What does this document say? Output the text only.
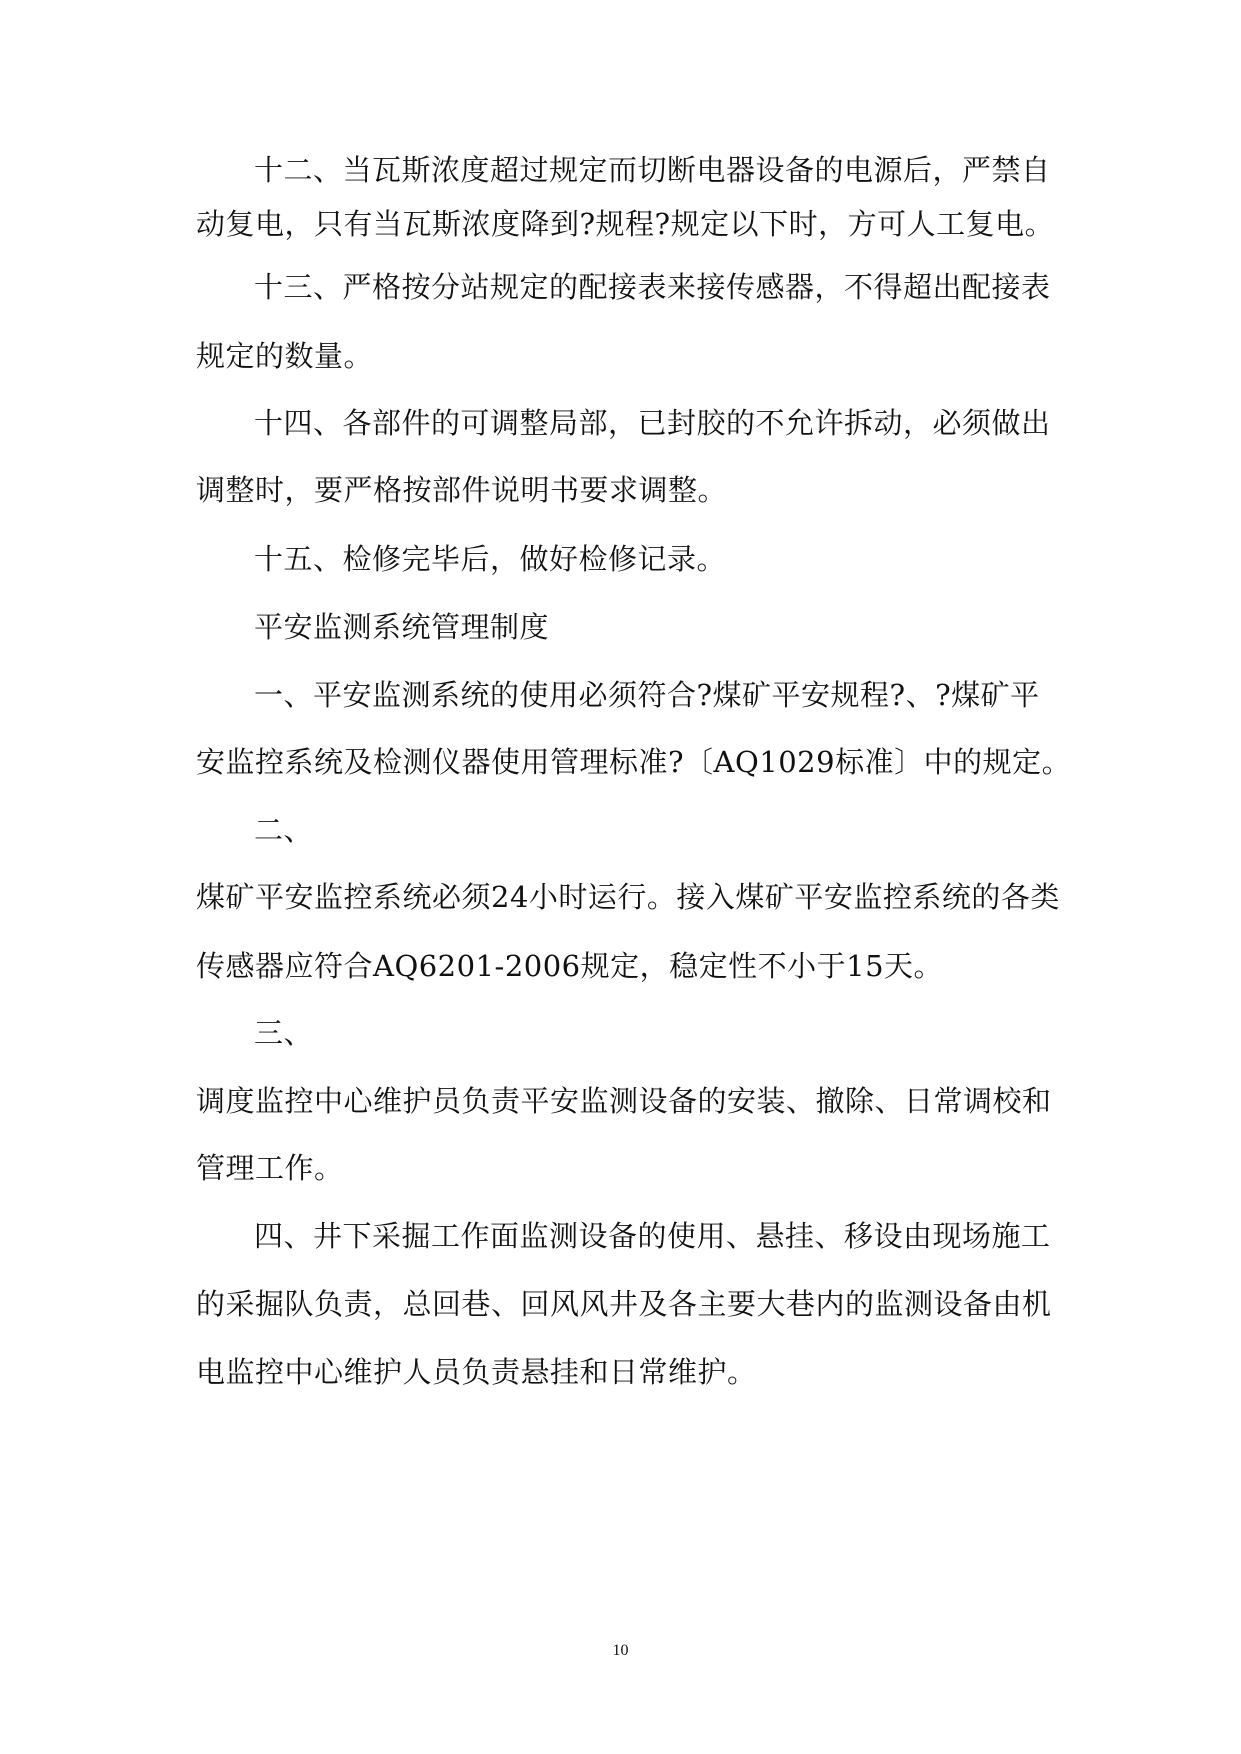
十二、当瓦斯浓度超过规定而切断电器设备的电源后，严禁自
动复电，只有当瓦斯浓度降到?规程?规定以下时，方可人工复电。
十三、严格按分站规定的配接表来接传感器，不得超出配接表
规定的数量。
十四、各部件的可调整局部，已封胶的不允许拆动，必须做出
调整时，要严格按部件说明书要求调整。
十五、检修完毕后，做好检修记录。
平安监测系统管理制度
一、平安监测系统的使用必须符合?煤矿平安规程?、?煤矿平
安监控系统及检测仪器使用管理标准?〔AQ1029标准〕中的规定。
二、
煤矿平安监控系统必须24小时运行。接入煤矿平安监控系统的各类
传感器应符合AQ6201-2006规定，稳定性不小于15天。
三、
调度监控中心维护员负责平安监测设备的安装、撤除、日常调校和
管理工作。
四、井下采掘工作面监测设备的使用、悬挂、移设由现场施工
的采掘队负责，总回巷、回风风井及各主要大巷内的监测设备由机
电监控中心维护人员负责悬挂和日常维护。
10
